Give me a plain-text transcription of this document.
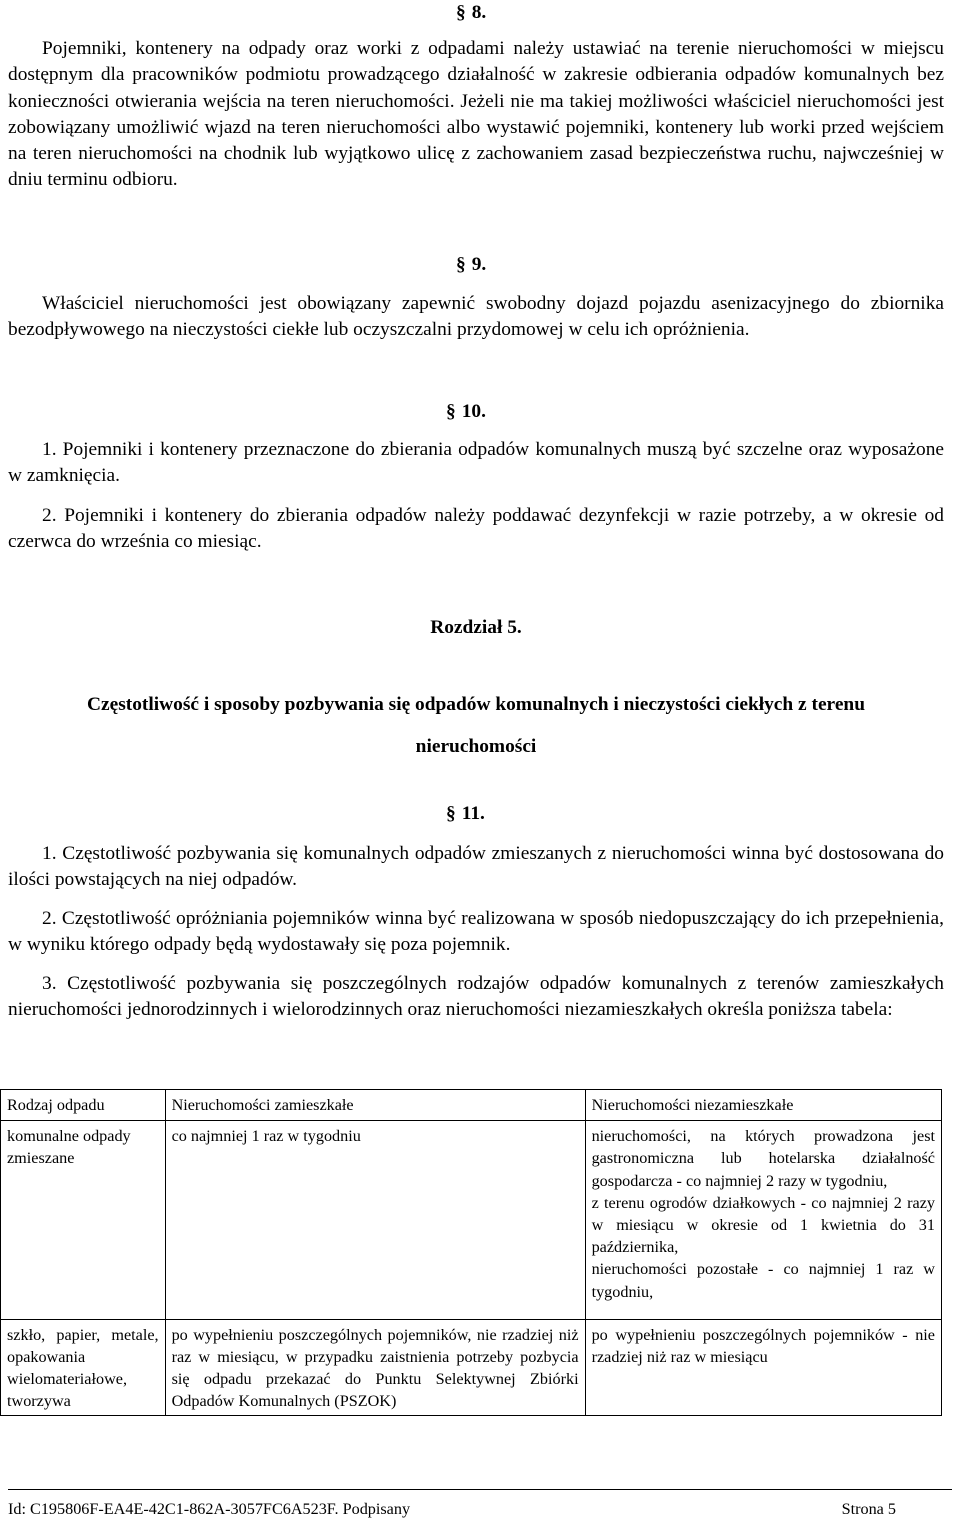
§ 8.

Pojemniki, kontenery na odpady oraz worki z odpadami należy ustawiać na terenie nieruchomości w miejscu dostępnym dla pracowników podmiotu prowadzącego działalność w zakresie odbierania odpadów komunalnych bez konieczności otwierania wejścia na teren nieruchomości. Jeżeli nie ma takiej możliwości właściciel nieruchomości jest zobowiązany umożliwić wjazd na teren nieruchomości albo wystawić pojemniki, kontenery lub worki przed wejściem na teren nieruchomości na chodnik lub wyjątkowo ulicę z zachowaniem zasad bezpieczeństwa ruchu, najwcześniej w dniu terminu odbioru.

§ 9.

Właściciel nieruchomości jest obowiązany zapewnić swobodny dojazd pojazdu asenizacyjnego do zbiornika bezodpływowego na nieczystości ciekłe lub oczyszczalni przydomowej w celu ich opróżnienia.

§ 10.

1. Pojemniki i kontenery przeznaczone do zbierania odpadów komunalnych muszą być szczelne oraz wyposażone w zamknięcia.

2. Pojemniki i kontenery do zbierania odpadów należy poddawać dezynfekcji w razie potrzeby, a w okresie od czerwca do września co miesiąc.

Rozdział 5.

Częstotliwość i sposoby pozbywania się odpadów komunalnych i nieczystości ciekłych z terenu

nieruchomości

§ 11.

1. Częstotliwość pozbywania się komunalnych odpadów zmieszanych z nieruchomości winna być dostosowana do ilości powstających na niej odpadów.

2. Częstotliwość opróżniania pojemników winna być realizowana w sposób niedopuszczający do ich przepełnienia, w wyniku którego odpady będą wydostawały się poza pojemnik.

3. Częstotliwość pozbywania się poszczególnych rodzajów odpadów komunalnych z terenów zamieszkałych nieruchomości jednorodzinnych i wielorodzinnych oraz nieruchomości niezamieszkałych określa poniższa tabela:

Rodzaj odpadu	Nieruchomości zamieszkałe	Nieruchomości niezamieszkałe
komunalne odpady zmieszane	co najmniej 1 raz w tygodniu	nieruchomości, na których prowadzona jest gastronomiczna lub hotelarska działalność gospodarcza - co najmniej 2 razy w tygodniu,
z terenu ogrodów działkowych - co najmniej 2 razy w miesiącu w okresie od 1 kwietnia do 31 października,
nieruchomości pozostałe - co najmniej 1 raz w tygodniu,

szkło, papier, metale, opakowania wielomateriałowe, tworzywa	po wypełnieniu poszczególnych pojemników, nie rzadziej niż raz w miesiącu, w przypadku zaistnienia potrzeby pozbycia się odpadu przekazać do Punktu Selektywnej Zbiórki Odpadów Komunalnych (PSZOK)	po wypełnieniu poszczególnych pojemników - nie rzadziej niż raz w miesiącu
Id: C195806F-EA4E-42C1-862A-3057FC6A523F. Podpisany	Strona 5
